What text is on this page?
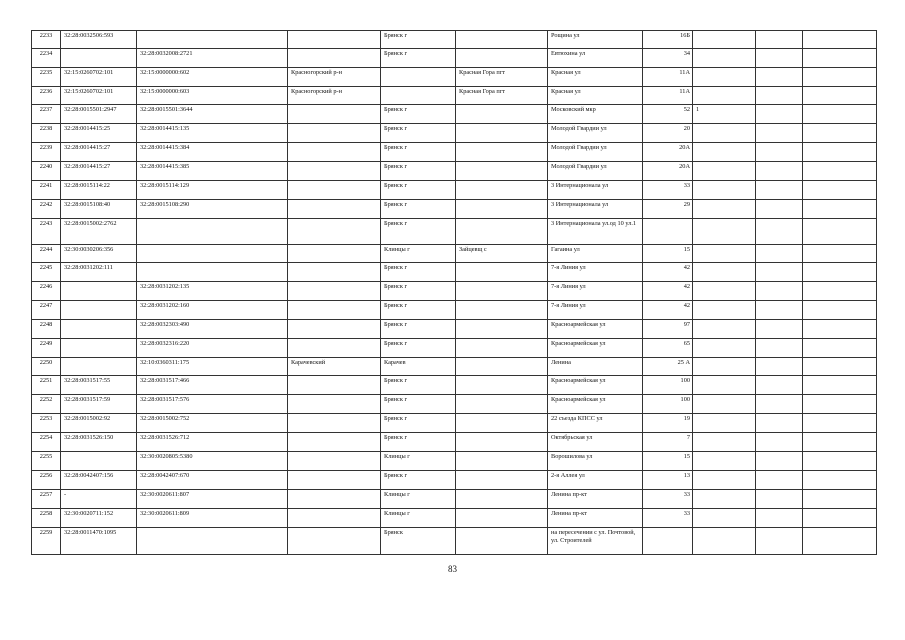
2233	32:28:0032506:593			Брянск г		Рощина ул	16Б			
2234		32:28:0032008:2721		Брянск г		Евтюхина ул	34			
2235	32:15:0260702:101	32:15:0000000:602	Красногорский р-н		Красная Гора пгт	Красная ул	11А			
2236	32:15:0260702:101	32:15:0000000:603	Красногорский р-н		Красная Гора пгт	Красная ул	11А			
2237	32:28:0015501:2947	32:28:0015501:3644		Брянск г		Московский мкр	52	1		
2238	32:28:0014415:25	32:28:0014415:135		Брянск г		Молодой Гвардии ул	20			
2239	32:28:0014415:27	32:28:0014415:384		Брянск г		Молодой Гвардии ул	20А			
2240	32:28:0014415:27	32:28:0014415:385		Брянск г		Молодой Гвардии ул	20А			
2241	32:28:0015114:22	32:28:0015114:129		Брянск г		3 Интернационала ул	33			
2242	32:28:0015108:40	32:28:0015108:290		Брянск г		3 Интернационала ул	29			
2243	32:28:0015002:2762			Брянск г		3 Интернационала ул.од 10 ул.1				
2244	32:30:0030206:356			Клинцы г	Зайцевщ с	Гагаина ул	15			
2245	32:28:0031202:111			Брянск г		7-я Линия ул	42			
2246		32:28:0031202:135		Брянск г		7-я Линия ул	42			
2247		32:28:0031202:160		Брянск г		7-я Линия ул	42			
2248		32:28:0032303:490		Брянск г		Красноармейская ул	97			
2249		32:28:0032316:220		Брянск г		Красноармейская ул	65			
2250		32:10:0360311:175	Карачевский	Карачев		Ленина	25 А			
2251	32:28:0031517:55	32:28:0031517:466		Брянск г		Красноармейская ул	100			
2252	32:28:0031517:59	32:28:0031517:576		Брянск г		Красноармейская ул	100			
2253	32:28:0015002:92	32:28:0015002:752		Брянск г		22 съезда КПСС ул	19			
2254	32:28:0031526:150	32:28:0031526:712		Брянск г		Октябрьская ул	7			
2255		32:30:0020805:5380		Клинцы г		Ворошилова ул	15			
2256	32:28:0042407:156	32:28:0042407:670		Брянск г		2-я Аллея ул	13			
2257	-	32:30:0020611:807		Клинцы г		Ленина пр-кт	33			
2258	32:30:0020711:152	32:30:0020611:809		Клинцы г		Ленина пр-кт	33			
2259	32:28:0011470:1095			Брянск		на пересечении с ул. Почтовой, ул. Строителей				
83
